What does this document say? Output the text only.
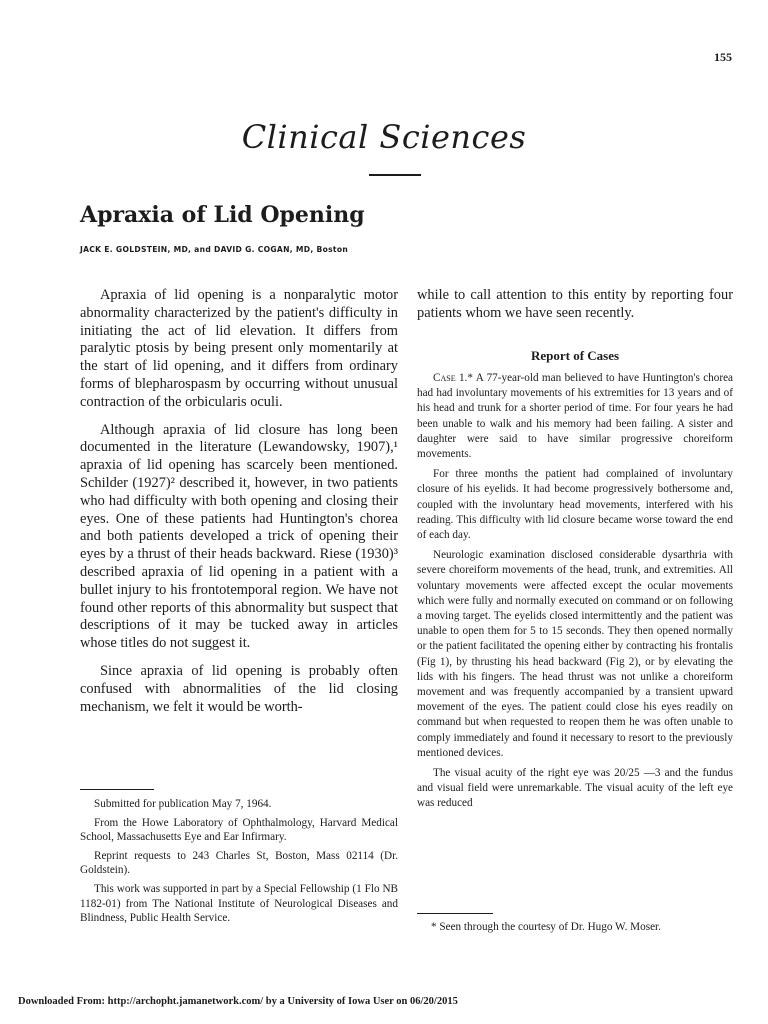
155
Clinical Sciences
Apraxia of Lid Opening
JACK E. GOLDSTEIN, MD, and DAVID G. COGAN, MD, Boston

Apraxia of lid opening is a nonparalytic motor abnormality characterized by the patient's difficulty in initiating the act of lid elevation. It differs from paralytic ptosis by being present only momentarily at the start of lid opening, and it differs from ordinary forms of blepharospasm by occurring without unusual contraction of the orbicularis oculi.

Although apraxia of lid closure has long been documented in the literature (Lewandowsky, 1907),¹ apraxia of lid opening has scarcely been mentioned. Schilder (1927)² described it, however, in two patients who had difficulty with both opening and closing their eyes. One of these patients had Huntington's chorea and both patients developed a trick of opening their eyes by a thrust of their heads backward. Riese (1930)³ described apraxia of lid opening in a patient with a bullet injury to his frontotemporal region. We have not found other reports of this abnormality but suspect that descriptions of it may be tucked away in articles whose titles do not suggest it.

Since apraxia of lid opening is probably often confused with abnormalities of the lid closing mechanism, we felt it would be worth-

while to call attention to this entity by reporting four patients whom we have seen recently.

Report of Cases

Case 1.* A 77-year-old man believed to have Huntington's chorea had had involuntary movements of his extremities for 13 years and of his head and trunk for a shorter period of time. For four years he had been unable to walk and his memory had been failing. A sister and daughter were said to have similar progressive choreiform movements.

For three months the patient had complained of involuntary closure of his eyelids. It had become progressively bothersome and, coupled with the involuntary head movements, interfered with his reading. This difficulty with lid closure became worse toward the end of each day.

Neurologic examination disclosed considerable dysarthria with severe choreiform movements of the head, trunk, and extremities. All voluntary movements were affected except the ocular movements which were fully and normally executed on command or on following a moving target. The eyelids closed intermittently and the patient was unable to open them for 5 to 15 seconds. They then opened normally or the patient facilitated the opening either by contracting his frontalis (Fig 1), by thrusting his head backward (Fig 2), or by elevating the lids with his fingers. The head thrust was not unlike a choreiform movement and was frequently accompanied by a transient upward movement of the eyes. The patient could close his eyes readily on command but when requested to reopen them he was often unable to comply immediately and found it necessary to resort to the previously mentioned devices.

The visual acuity of the right eye was 20/25 —3 and the fundus and visual field were unremarkable. The visual acuity of the left eye was reduced

Submitted for publication May 7, 1964.

From the Howe Laboratory of Ophthalmology, Harvard Medical School, Massachusetts Eye and Ear Infirmary.

Reprint requests to 243 Charles St, Boston, Mass 02114 (Dr. Goldstein).

This work was supported in part by a Special Fellowship (1 Flo NB 1182-01) from The National Institute of Neurological Diseases and Blindness, Public Health Service.

* Seen through the courtesy of Dr. Hugo W. Moser.

Downloaded From: http://archopht.jamanetwork.com/ by a University of Iowa User on 06/20/2015
